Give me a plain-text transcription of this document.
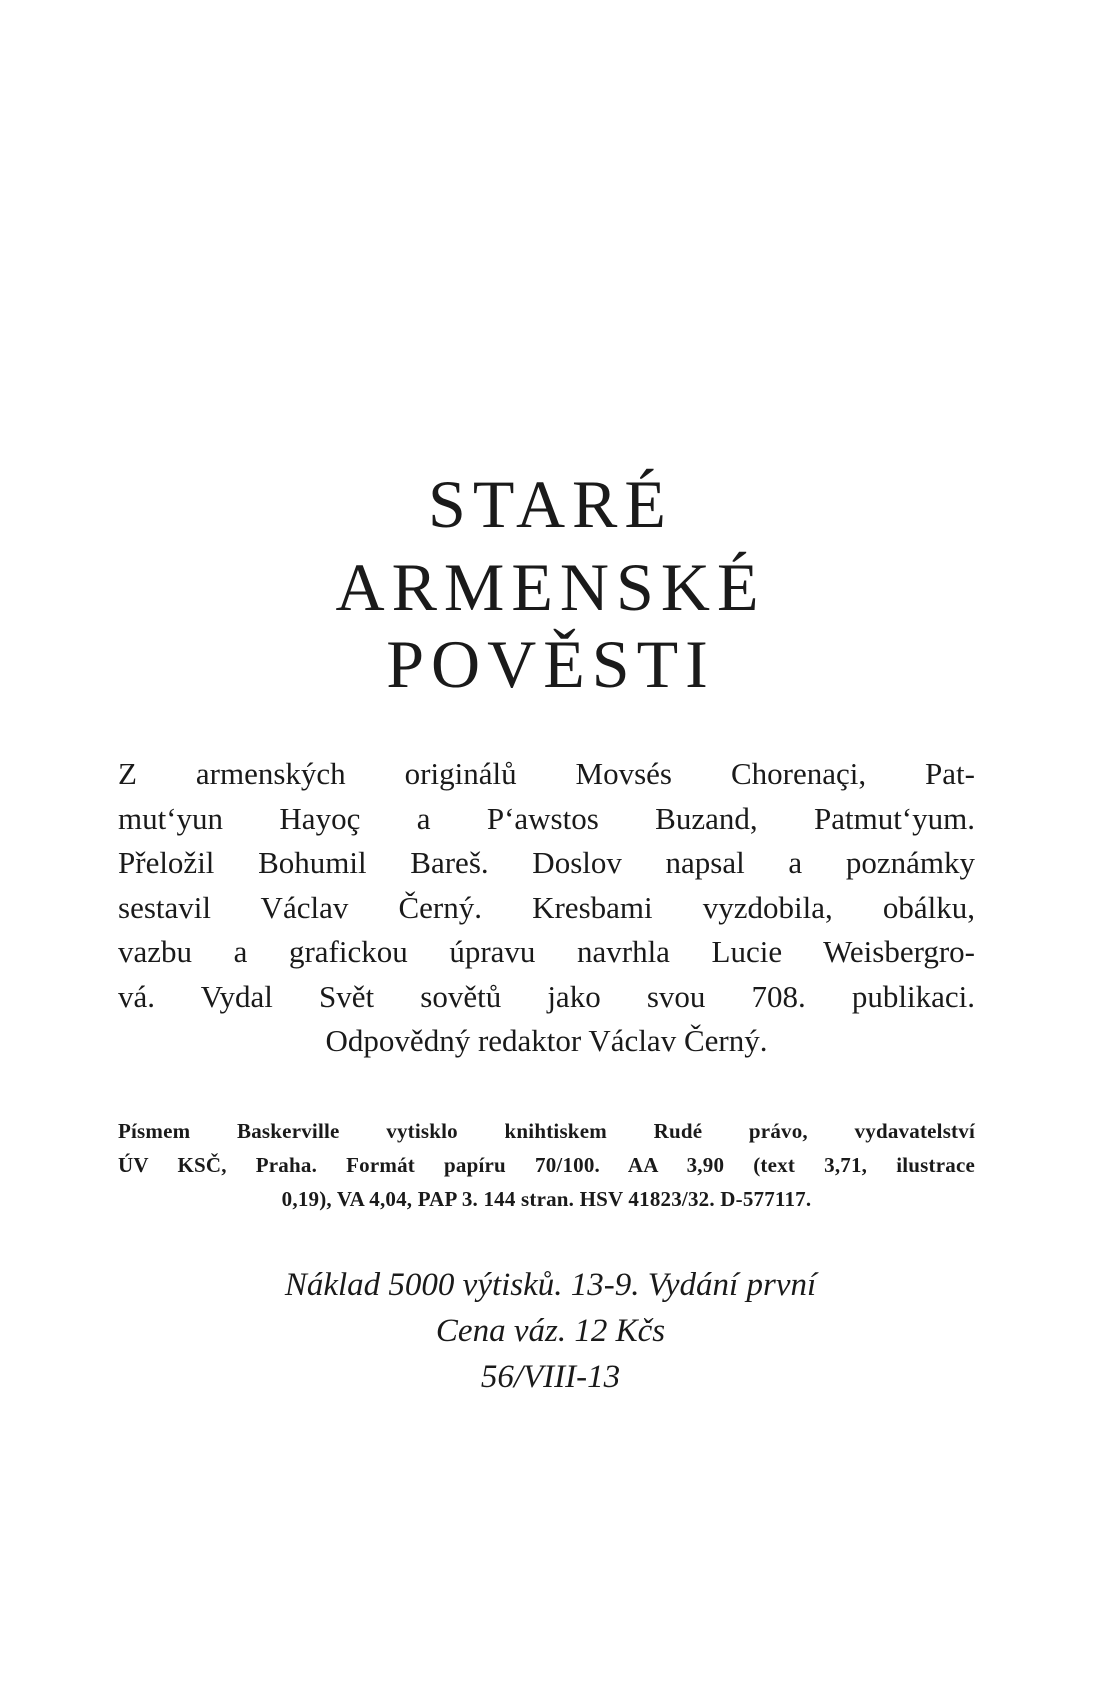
STARÉ
ARMENSKÉ
POVĚSTI
Z armenských originálů Movsés Chorenaçi, Pat-
mut‘yun Hayoç a P‘awstos Buzand, Patmut‘yum.
Přeložil Bohumil Bareš. Doslov napsal a poznámky
sestavil Václav Černý. Kresbami vyzdobila, obálku,
vazbu a grafickou úpravu navrhla Lucie Weisbergro-
vá. Vydal Svět sovětů jako svou 708. publikaci.
Odpovědný redaktor Václav Černý.
Písmem Baskerville vytisklo knihtiskem Rudé právo, vydavatelství
ÚV KSČ, Praha. Formát papíru 70/100. AA 3,90 (text 3,71, ilustrace
0,19), VA 4,04, PAP 3. 144 stran. HSV 41823/32. D-577117.
Náklad 5000 výtisků. 13-9. Vydání první
Cena váz. 12 Kčs
56/VIII-13
